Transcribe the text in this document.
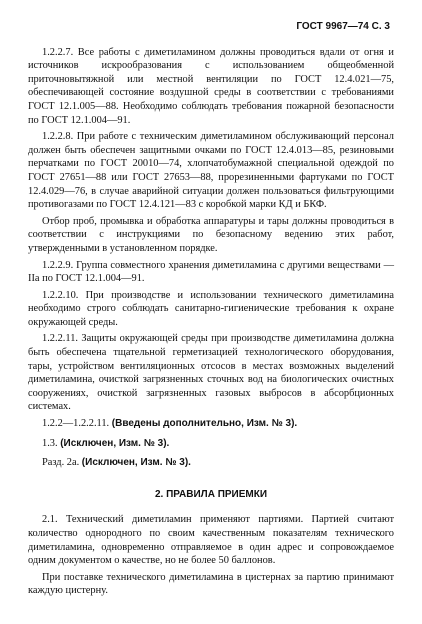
ГОСТ 9967—74 С. 3

1.2.2.7. Все работы с диметиламином должны проводиться вдали от огня и источников искрообразования с использованием общеобменной приточновытяжной или местной вентиляции по ГОСТ 12.4.021—75, обеспечивающей состояние воздушной среды в соответствии с требованиями ГОСТ 12.1.005—88. Необходимо соблюдать требования пожарной безопасности по ГОСТ 12.1.004—91.

1.2.2.8. При работе с техническим диметиламином обслуживающий персонал должен быть обеспечен защитными очками по ГОСТ 12.4.013—85, резиновыми перчатками по ГОСТ 20010—74, хлопчатобумажной специальной одеждой по ГОСТ 27651—88 или ГОСТ 27653—88, прорезиненными фартуками по ГОСТ 12.4.029—76, в случае аварийной ситуации должен пользоваться фильтрующими противогазами по ГОСТ 12.4.121—83 с коробкой марки КД и БКФ.

Отбор проб, промывка и обработка аппаратуры и тары должны проводиться в соответствии с инструкциями по безопасному ведению этих работ, утвержденными в установленном порядке.

1.2.2.9. Группа совместного хранения диметиламина с другими веществами — IIa по ГОСТ 12.1.004—91.

1.2.2.10. При производстве и использовании технического диметиламина необходимо строго соблюдать санитарно-гигиенические требования к охране окружающей среды.

1.2.2.11. Защиты окружающей среды при производстве диметиламина должна быть обеспечена тщательной герметизацией технологического оборудования, тары, устройством вентиляционных отсосов в местах возможных выделений диметиламина, очисткой загрязненных сточных вод на биологических очистных сооружениях, очисткой загрязненных газовых выбросов в абсорбционных системах.

1.2.2—1.2.2.11. (Введены дополнительно, Изм. № 3).
1.3. (Исключен, Изм. № 3).
Разд. 2а. (Исключен, Изм. № 3).
2. ПРАВИЛА ПРИЕМКИ

2.1. Технический диметиламин применяют партиями. Партией считают количество однородного по своим качественным показателям технического диметиламина, одновременно отправляемое в один адрес и сопровождаемое одним документом о качестве, но не более 50 баллонов.

При поставке технического диметиламина в цистернах за партию принимают каждую цистерну.
